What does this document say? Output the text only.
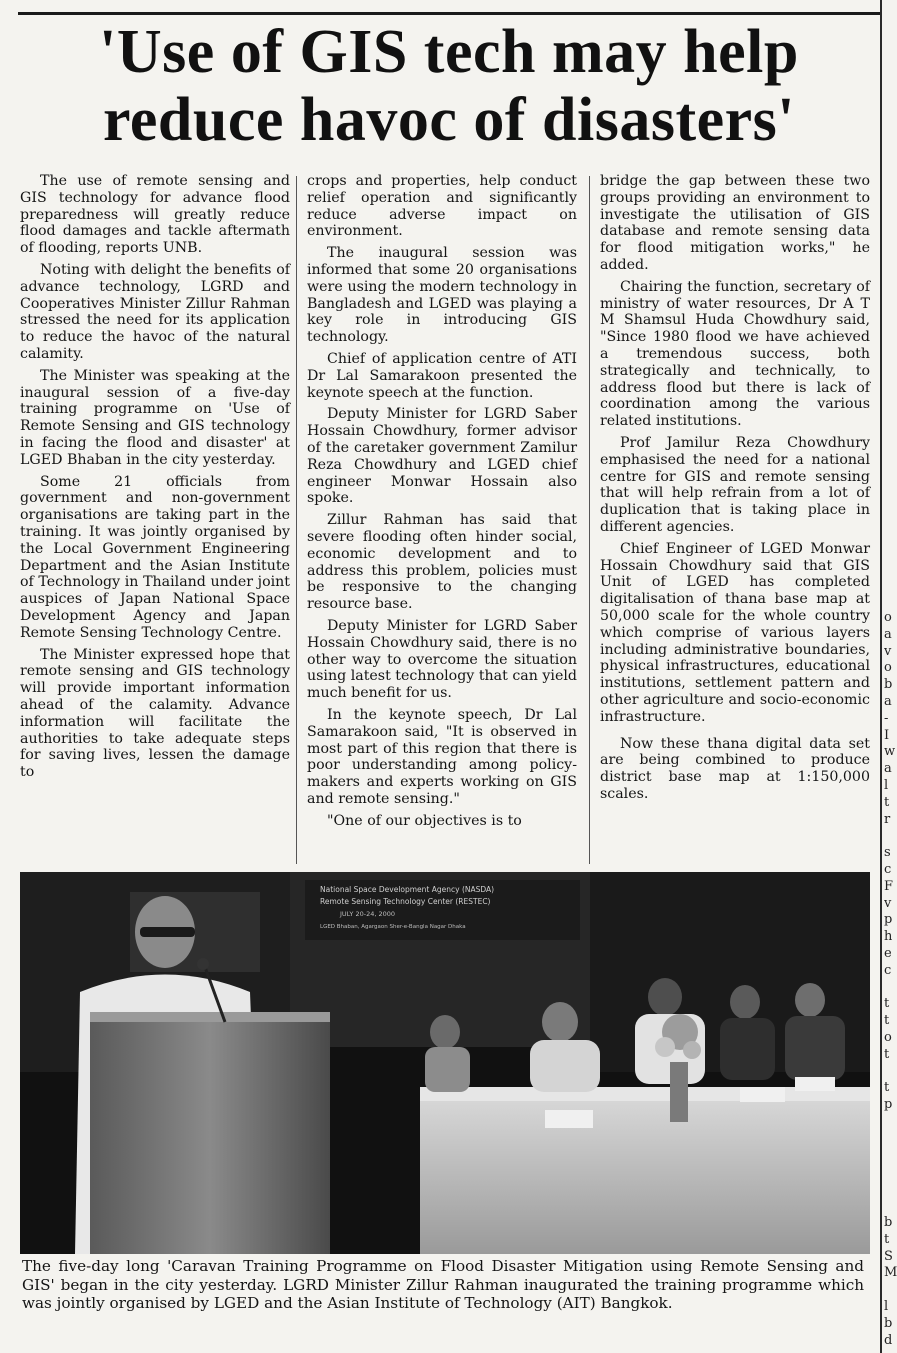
'Use of GIS tech may help
reduce havoc of disasters'

The use of remote sensing and GIS technology for advance flood preparedness will greatly reduce flood damages and tackle aftermath of flooding, reports UNB.

Noting with delight the benefits of advance technology, LGRD and Cooperatives Minister Zillur Rahman stressed the need for its application to reduce the havoc of the natural calamity.

The Minister was speaking at the inaugural session of a five-day training programme on 'Use of Remote Sensing and GIS technology in facing the flood and disaster' at LGED Bhaban in the city yesterday.

Some 21 officials from government and non-government organisations are taking part in the training. It was jointly organised by the Local Government Engineering Department and the Asian Institute of Technology in Thailand under joint auspices of Japan National Space Development Agency and Japan Remote Sensing Technology Centre.

The Minister expressed hope that remote sensing and GIS technology will provide important information ahead of the calamity. Advance information will facilitate the authorities to take adequate steps for saving lives, lessen the damage to

crops and properties, help conduct relief operation and significantly reduce adverse impact on environment.

The inaugural session was informed that some 20 organisations were using the modern technology in Bangladesh and LGED was playing a key role in introducing GIS technology.

Chief of application centre of ATI Dr Lal Samarakoon presented the keynote speech at the function.

Deputy Minister for LGRD Saber Hossain Chowdhury, former advisor of the caretaker government Zamilur Reza Chowdhury and LGED chief engineer Monwar Hossain also spoke.

Zillur Rahman has said that severe flooding often hinder social, economic development and to address this problem, policies must be responsive to the changing resource base.

Deputy Minister for LGRD Saber Hossain Chowdhury said, there is no other way to overcome the situation using latest technology that can yield much benefit for us.

In the keynote speech, Dr Lal Samarakoon said, "It is observed in most part of this region that there is poor understanding among policy-makers and experts working on GIS and remote sensing."

"One of our objectives is to

bridge the gap between these two groups providing an environment to investigate the utilisation of GIS database and remote sensing data for flood mitigation works," he added.

Chairing the function, secretary of ministry of water resources, Dr A T M Shamsul Huda Chowdhury said, "Since 1980 flood we have achieved a tremendous success, both strategically and technically, to address flood but there is lack of coordination among the various related institutions.

Prof Jamilur Reza Chowdhury emphasised the need for a national centre for GIS and remote sensing that will help refrain from a lot of duplication that is taking place in different agencies.

Chief Engineer of LGED Monwar Hossain Chowdhury said that GIS Unit of LGED has completed digitalisation of thana base map at 50,000 scale for the whole country which comprise of various layers including administrative boundaries, physical infrastructures, educational institutions, settlement pattern and other agriculture and socio-economic infrastructure.

Now these thana digital data set are being combined to produce district base map at 1:150,000 scales.

National Space Development Agency (NASDA)
Remote Sensing Technology Center (RESTEC)
JULY 20-24, 2000
LGED Bhaban, Agargaon Sher-e-Bangla Nagar Dhaka
The five-day long 'Caravan Training Programme on Flood Disaster Mitigation using Remote Sensing and GIS' began in the city yesterday. LGRD Minister Zillur Rahman inaugurated the training programme which was jointly organised by LGED and the Asian Institute of Technology (AIT) Bangkok.
o
a
v
o
b
a
-
I
w
a
l
t
r

s
c
F
v
p
h
e
c

t
t
o
t

t
p
b
t
S
M

l
b
d
